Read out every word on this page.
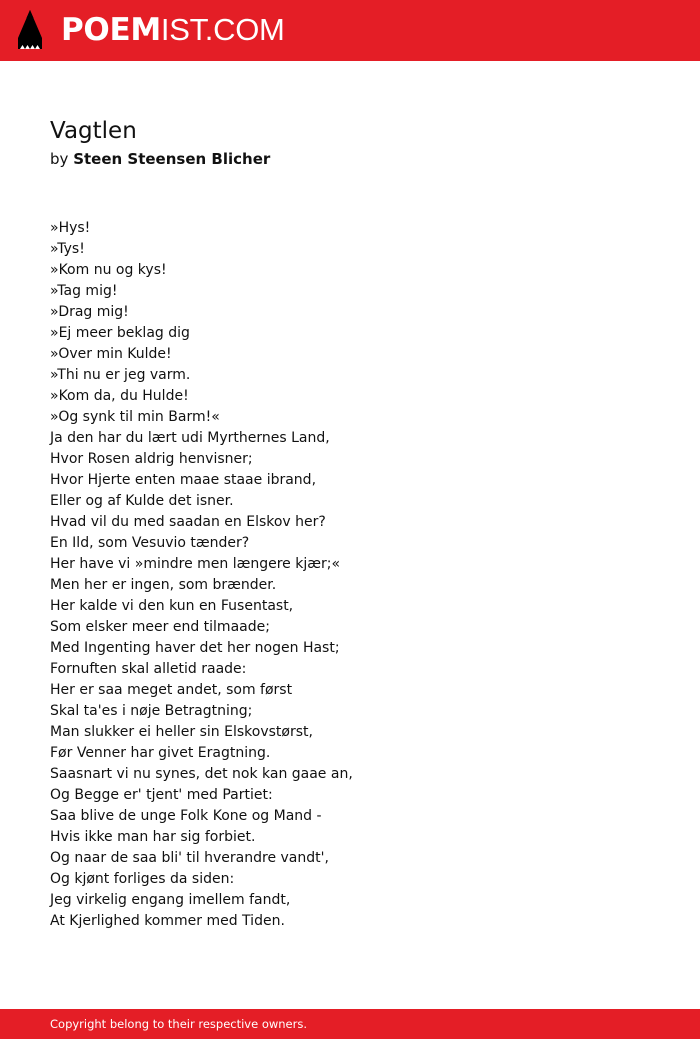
POEMIST.COM
Vagtlen
by Steen Steensen Blicher
»Hys!
»Tys!
»Kom nu og kys!
»Tag mig!
»Drag mig!
»Ej meer beklag dig
»Over min Kulde!
»Thi nu er jeg varm.
»Kom da, du Hulde!
»Og synk til min Barm!«
Ja den har du lært udi Myrthernes Land,
Hvor Rosen aldrig henvisner;
Hvor Hjerte enten maae staae ibrand,
Eller og af Kulde det isner.
Hvad vil du med saadan en Elskov her?
En Ild, som Vesuvio tænder?
Her have vi »mindre men længere kjær;«
Men her er ingen, som brænder.
Her kalde vi den kun en Fusentast,
Som elsker meer end tilmaade;
Med Ingenting haver det her nogen Hast;
Fornuften skal alletid raade:
Her er saa meget andet, som først
Skal ta'es i nøje Betragtning;
Man slukker ei heller sin Elskovstørst,
Før Venner har givet Eragtning.
Saasnart vi nu synes, det nok kan gaae an,
Og Begge er' tjent' med Partiet:
Saa blive de unge Folk Kone og Mand -
Hvis ikke man har sig forbiet.
Og naar de saa bli' til hverandre vandt',
Og kjønt forliges da siden:
Jeg virkelig engang imellem fandt,
At Kjerlighed kommer med Tiden.
Copyright belong to their respective owners.
